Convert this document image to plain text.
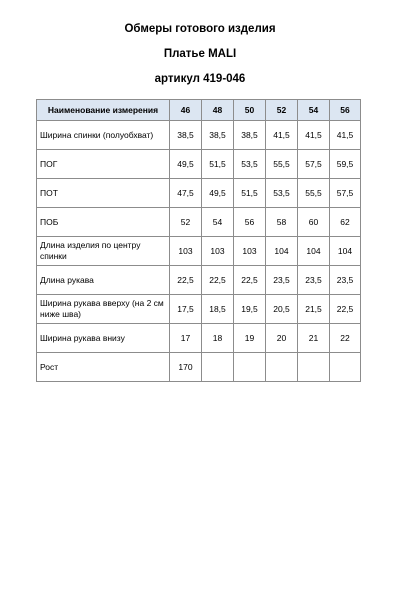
Обмеры готового изделия
Платье MALI
артикул 419-046
Наименование измерения	46	48	50	52	54	56
Ширина спинки (полуобхват)	38,5	38,5	38,5	41,5	41,5	41,5
ПОГ	49,5	51,5	53,5	55,5	57,5	59,5
ПОТ	47,5	49,5	51,5	53,5	55,5	57,5
ПОБ	52	54	56	58	60	62
Длина изделия по центру спинки	103	103	103	104	104	104
Длина рукава	22,5	22,5	22,5	23,5	23,5	23,5
Ширина рукава вверху (на 2 см ниже шва)	17,5	18,5	19,5	20,5	21,5	22,5
Ширина рукава внизу	17	18	19	20	21	22
Рост	170					
